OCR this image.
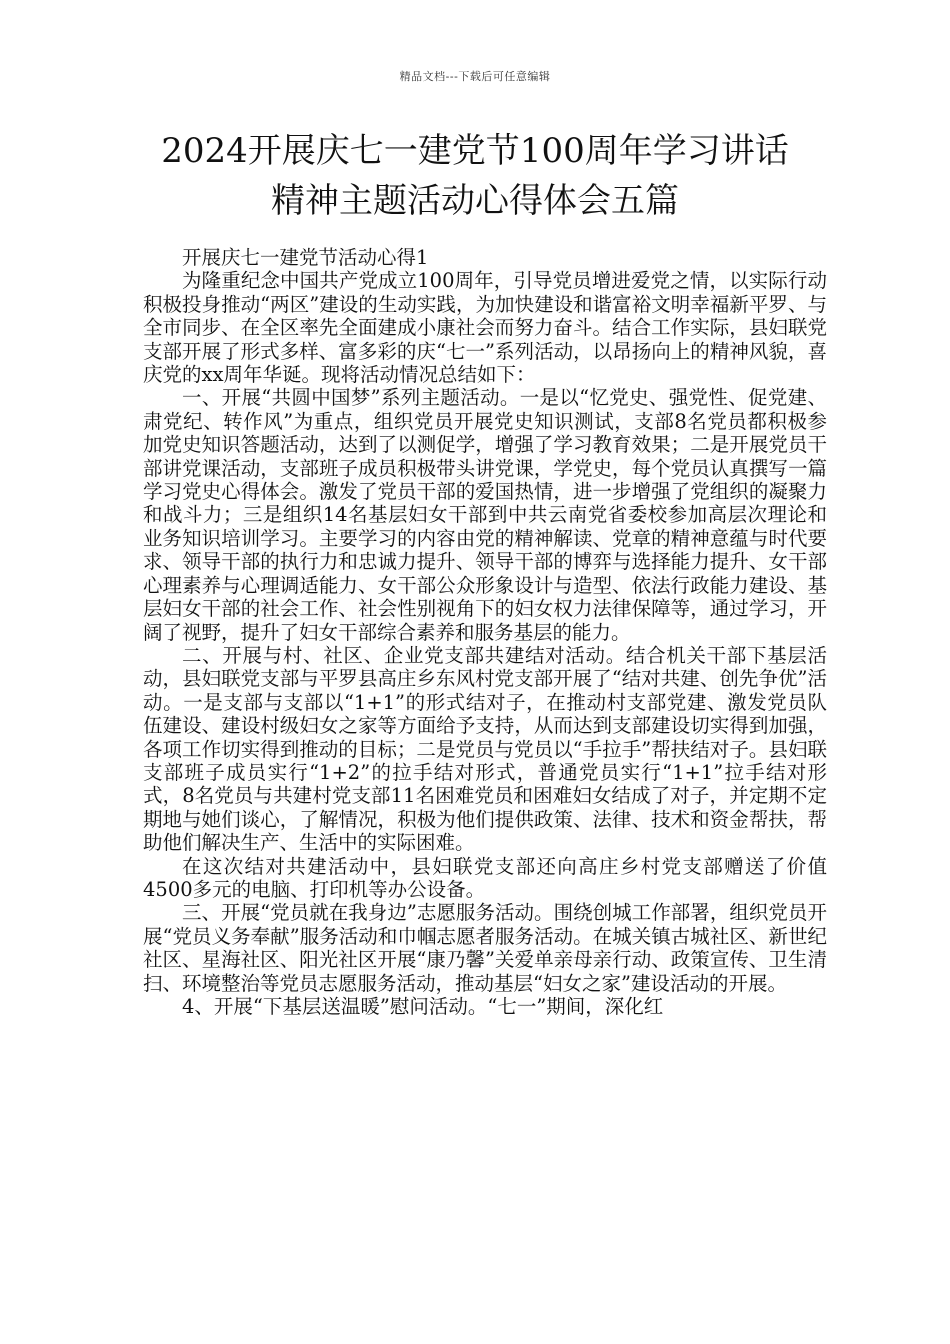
精品文档---下载后可任意编辑
2024开展庆七一建党节100周年学习讲话
精神主题活动心得体会五篇

开展庆七一建党节活动心得1

为隆重纪念中国共产党成立100周年，引导党员增进爱党之情，以实际行动积极投身推动“两区”建设的生动实践，为加快建设和谐富裕文明幸福新平罗、与全市同步、在全区率先全面建成小康社会而努力奋斗。结合工作实际，县妇联党支部开展了形式多样、富多彩的庆“七一”系列活动，以昂扬向上的精神风貌，喜庆党的xx周年华诞。现将活动情况总结如下：

一、开展“共圆中国梦”系列主题活动。一是以“忆党史、强党性、促党建、肃党纪、转作风”为重点，组织党员开展党史知识测试，支部8名党员都积极参加党史知识答题活动，达到了以测促学，增强了学习教育效果；二是开展党员干部讲党课活动，支部班子成员积极带头讲党课，学党史，每个党员认真撰写一篇学习党史心得体会。激发了党员干部的爱国热情，进一步增强了党组织的凝聚力和战斗力；三是组织14名基层妇女干部到中共云南党省委校参加高层次理论和业务知识培训学习。主要学习的内容由党的精神解读、党章的精神意蕴与时代要求、领导干部的执行力和忠诚力提升、领导干部的博弈与选择能力提升、女干部心理素养与心理调适能力、女干部公众形象设计与造型、依法行政能力建设、基层妇女干部的社会工作、社会性别视角下的妇女权力法律保障等，通过学习，开阔了视野，提升了妇女干部综合素养和服务基层的能力。

二、开展与村、社区、企业党支部共建结对活动。结合机关干部下基层活动，县妇联党支部与平罗县高庄乡东风村党支部开展了“结对共建、创先争优”活动。一是支部与支部以“1+1”的形式结对子，在推动村支部党建、激发党员队伍建设、建设村级妇女之家等方面给予支持，从而达到支部建设切实得到加强，各项工作切实得到推动的目标；二是党员与党员以“手拉手”帮扶结对子。县妇联支部班子成员实行“1+2”的拉手结对形式，普通党员实行“1+1”拉手结对形式，8名党员与共建村党支部11名困难党员和困难妇女结成了对子，并定期不定期地与她们谈心，了解情况，积极为他们提供政策、法律、技术和资金帮扶，帮助他们解决生产、生活中的实际困难。

在这次结对共建活动中，县妇联党支部还向高庄乡村党支部赠送了价值4500多元的电脑、打印机等办公设备。

三、开展“党员就在我身边”志愿服务活动。围绕创城工作部署，组织党员开展“党员义务奉献”服务活动和巾帼志愿者服务活动。在城关镇古城社区、新世纪社区、星海社区、阳光社区开展“康乃馨”关爱单亲母亲行动、政策宣传、卫生清扫、环境整治等党员志愿服务活动，推动基层“妇女之家”建设活动的开展。

4、开展“下基层送温暖”慰问活动。“七一”期间，深化红
